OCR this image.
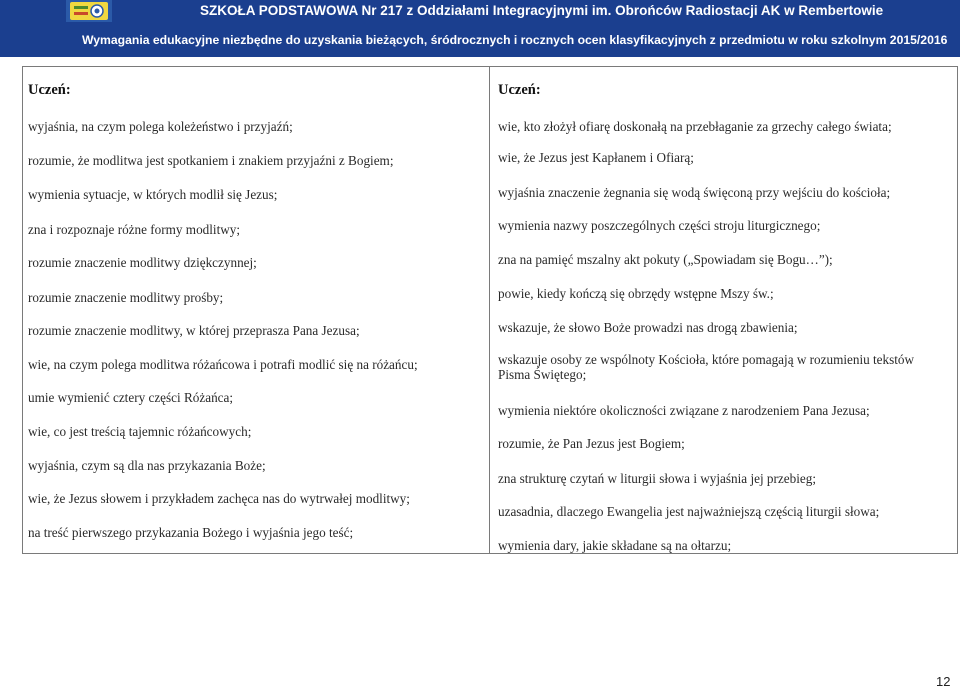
SZKOŁA PODSTAWOWA Nr 217 z Oddziałami Integracyjnymi im. Obrońców Radiostacji AK w Rembertowie
Wymagania edukacyjne niezbędne do uzyskania bieżących, śródrocznych i rocznych ocen klasyfikacyjnych z przedmiotu w roku szkolnym 2015/2016
Uczeń:
wyjaśnia, na czym polega koleżeństwo i przyjaźń;
rozumie, że modlitwa jest spotkaniem i znakiem przyjaźni z Bogiem;
wymienia sytuacje, w których modlił się Jezus;
zna i rozpoznaje różne formy modlitwy;
rozumie znaczenie modlitwy dziękczynnej;
rozumie znaczenie modlitwy prośby;
rozumie znaczenie modlitwy, w której przeprasza Pana Jezusa;
wie, na czym polega modlitwa różańcowa i potrafi modlić się na różańcu;
umie wymienić cztery części Różańca;
wie, co jest treścią tajemnic różańcowych;
wyjaśnia, czym są dla nas przykazania Boże;
wie, że Jezus słowem i przykładem zachęca nas do wytrwałej modlitwy;
na treść pierwszego przykazania Bożego i wyjaśnia jego teść;
Uczeń:
wie, kto złożył ofiarę doskonałą na przebłaganie za grzechy całego świata;
wie, że Jezus jest Kapłanem i Ofiarą;
wyjaśnia znaczenie żegnania się wodą święconą przy wejściu do kościoła;
wymienia nazwy poszczególnych części stroju liturgicznego;
zna na pamięć mszalny akt pokuty („Spowiadam się Bogu…”);
powie, kiedy kończą się obrzędy wstępne Mszy św.;
wskazuje, że słowo Boże prowadzi nas drogą zbawienia;
wskazuje osoby ze wspólnoty Kościoła, które pomagają w rozumieniu tekstów Pisma Świętego;
wymienia niektóre okoliczności związane z narodzeniem Pana Jezusa;
rozumie, że Pan Jezus jest Bogiem;
zna strukturę czytań w liturgii słowa i wyjaśnia jej przebieg;
uzasadnia, dlaczego Ewangelia jest najważniejszą częścią liturgii słowa;
wymienia dary, jakie składane są na ołtarzu;
12
